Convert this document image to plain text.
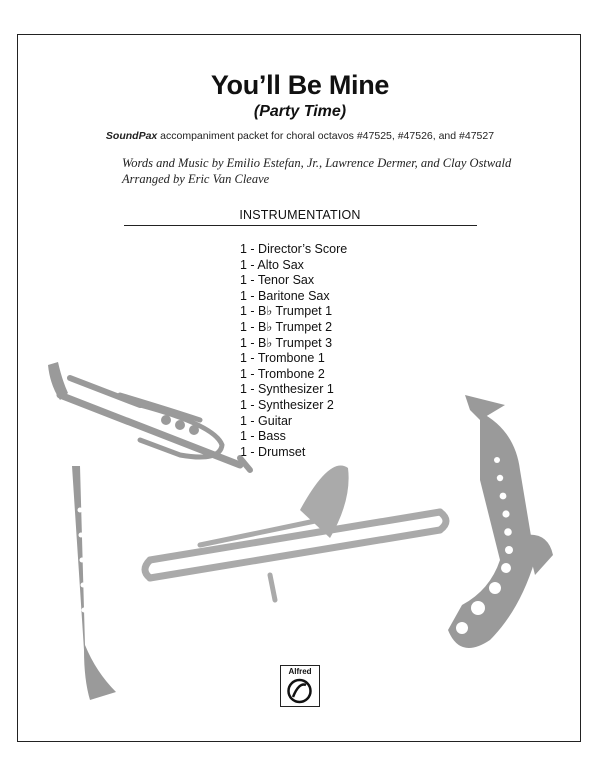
You’ll Be Mine
(Party Time)
SoundPax accompaniment packet for choral octavos #47525, #47526, and #47527
Words and Music by Emilio Estefan, Jr., Lawrence Dermer, and Clay Ostwald
Arranged by Eric Van Cleave
INSTRUMENTATION
1 - Director’s Score
1 - Alto Sax
1 - Tenor Sax
1 - Baritone Sax
1 - B♭ Trumpet 1
1 - B♭ Trumpet 2
1 - B♭ Trumpet 3
1 - Trombone 1
1 - Trombone 2
1 - Synthesizer 1
1 - Synthesizer 2
1 - Guitar
1 - Bass
1 - Drumset
Alfred
